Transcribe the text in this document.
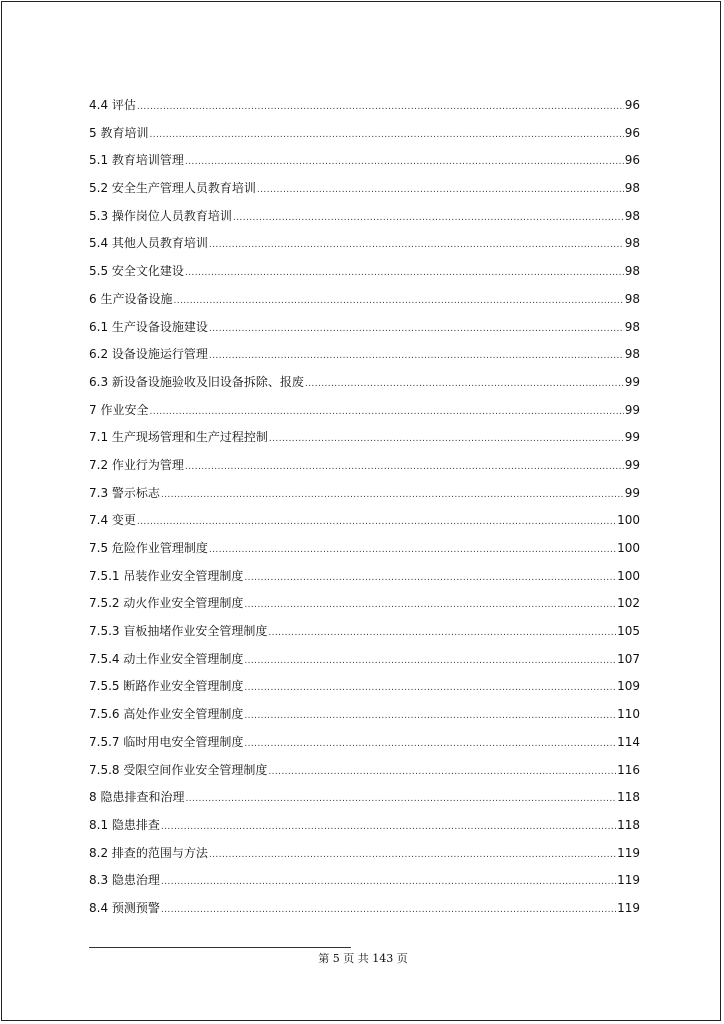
4.4 评估 .....	96
5 教育培训 .....	96
5.1 教育培训管理 .....	96
5.2 安全生产管理人员教育培训 .....	98
5.3 操作岗位人员教育培训 .....	98
5.4 其他人员教育培训 .....	98
5.5 安全文化建设 .....	98
6 生产设备设施 .....	98
6.1 生产设备设施建设 .....	98
6.2 设备设施运行管理 .....	98
6.3 新设备设施验收及旧设备拆除、报废 .....	99
7 作业安全 .....	99
7.1 生产现场管理和生产过程控制 .....	99
7.2 作业行为管理 .....	99
7.3 警示标志 .....	99
7.4 变更 .....	100
7.5 危险作业管理制度 .....	100
7.5.1 吊装作业安全管理制度 .....	100
7.5.2 动火作业安全管理制度 .....	102
7.5.3 盲板抽堵作业安全管理制度 .....	105
7.5.4 动土作业安全管理制度 .....	107
7.5.5 断路作业安全管理制度 .....	109
7.5.6 高处作业安全管理制度 .....	110
7.5.7 临时用电安全管理制度 .....	114
7.5.8 受限空间作业安全管理制度 .....	116
8 隐患排查和治理 .....	118
8.1 隐患排查 .....	118
8.2 排查的范围与方法 .....	119
8.3 隐患治理 .....	119
8.4 预测预警 .....	119
第 5 页 共 143 页
